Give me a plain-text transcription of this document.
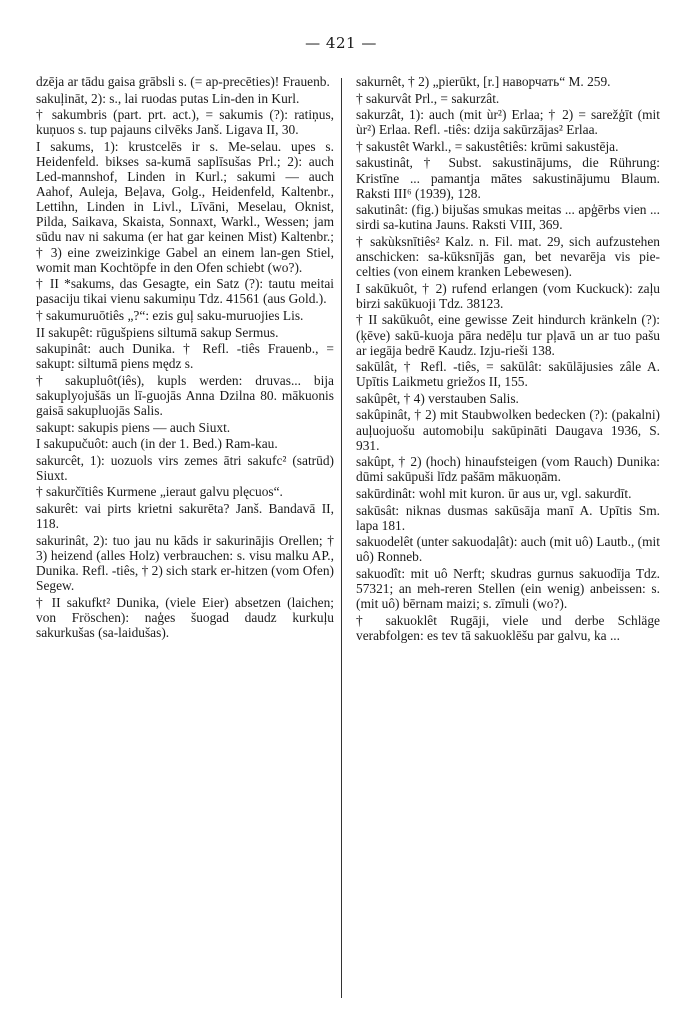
— 421 —

dzēja ar tādu gaisa grābsli s. (= ap-precēties)! Frauenb.

sakuļināt, 2): s., lai ruodas putas Lin-den in Kurl.

† sakumbris (part. prt. act.), = sakumis (?): ratiņus, kuņuos s. tup pajauns cilvēks Janš. Ligava II, 30.

I sakums, 1): krustcelēs ir s. Me-selau. upes s. Heidenfeld. bikses sa-kumā saplīsušas Prl.; 2): auch Led-mannshof, Linden in Kurl.; sakumi — auch Aahof, Auleja, Beļava, Golg., Heidenfeld, Kaltenbr., Lettihn, Linden in Livl., Līvāni, Meselau, Oknist, Pilda, Saikava, Skaista, Sonnaxt, Warkl., Wessen; jam sūdu nav ni sakuma (er hat gar keinen Mist) Kaltenbr.; † 3) eine zweizinkige Gabel an einem lan-gen Stiel, womit man Kochtöpfe in den Ofen schiebt (wo?).

† II *sakums, das Gesagte, ein Satz (?): tautu meitai pasaciju tikai vienu sakumiņu Tdz. 41561 (aus Gold.).

† sakumuruōtiês „?“: ezis guļ saku-muruojies Lis.

II sakupêt: rūgušpiens siltumā sakup Sermus.

sakupinât: auch Dunika. † Refl. -tiês Frauenb., = sakupt: siltumā piens mędz s.

† sakupluôt(iês), kupls werden: druvas... bija sakuplуojušās un lī-guojās Anna Dzilna 80. mākuonis gaisā sakupluojās Salis.

sakupt: sakupis piens — auch Siuxt.

I sakupučuôt: auch (in der 1. Bed.) Ram-kau.

sakurcêt, 1): uozuols virs zemes ātri sakufc² (satrūd) Siuxt.

† sakurčītiês Kurmene „ieraut galvu plęcuos“.

sakurêt: vai pirts krietni sakurēta? Janš. Bandavā II, 118.

sakurinât, 2): tuo jau nu kāds ir sakurinājis Orellen; † 3) heizend (alles Holz) verbrauchen: s. visu malku AP., Dunika. Refl. -tiês, † 2) sich stark er-hitzen (vom Ofen) Segew.

† II sakufkt² Dunika, (viele Eier) absetzen (laichen; von Fröschen): naģes šuogad daudz kurkuļu sakurkušas (sa-laidušas).

sakurnêt, † 2) „pierūkt, [r.] наворчать“ M. 259.

† sakurvât Prl., = sakurzât.

sakurzât, 1): auch (mit ùr²) Erlaa; † 2) = sarežģīt (mit ùr²) Erlaa. Refl. -tiês: dzija sakūrzājas² Erlaa.

† sakustêt Warkl., = sakustêtiês: krūmi sakustēja.

sakustinât, † Subst. sakustinājums, die Rührung: Kristīne ... pamantja mātes sakustinājumu Blaum. Raksti III⁶ (1939), 128.

sakutinât: (fig.) bijušas smukas meitas ... apģērbs vien ... sirdi sa-kutina Jauns. Raksti VIII, 369.

† sakùksnītiês² Kalz. n. Fil. mat. 29, sich aufzustehen anschicken: sa-kūksnījās gan, bet nevarēja vis pie-celties (von einem kranken Lebewesen).

I sakūkuôt, † 2) rufend erlangen (vom Kuckuck): zaļu birzi sakūkuoji Tdz. 38123.

† II sakūkuôt, eine gewisse Zeit hindurch kränkeln (?): (ķēve) sakū-kuoja pāra nedēļu tur pļavā un ar tuo pašu ar iegāja bedrē Kaudz. Izju-rieši 138.

sakūlât, † Refl. -tiês, = sakūlât: sakūlājusies zâle A. Upītis Laikmetu griežos II, 155.

sakûpêt, † 4) verstauben Salis.

sakûpinât, † 2) mit Staubwolken bedecken (?): (pakalni) auļuojuošu automobiļu sakūpināti Daugava 1936, S. 931.

sakûpt, † 2) (hoch) hinaufsteigen (vom Rauch) Dunika: dūmi sakūpuši līdz pašām mākuoņām.

sakūrdinât: wohl mit kuron. ūr aus ur, vgl. sakurdīt.

sakūsât: niknas dusmas sakūsāja manī A. Upītis Sm. lapa 181.

sakuodelêt (unter sakuodaļât): auch (mit uô) Lautb., (mit uô) Ronneb.

sakuodît: mit uô Nerft; skudras gurnus sakuodīja Tdz. 57321; an meh-reren Stellen (ein wenig) anbeissen: s. (mit uô) bērnam maizi; s. zīmuli (wo?).

† sakuoklêt Rugāji, viele und derbe Schläge verabfolgen: es tev tā sakuoklēšu par galvu, ka ...
